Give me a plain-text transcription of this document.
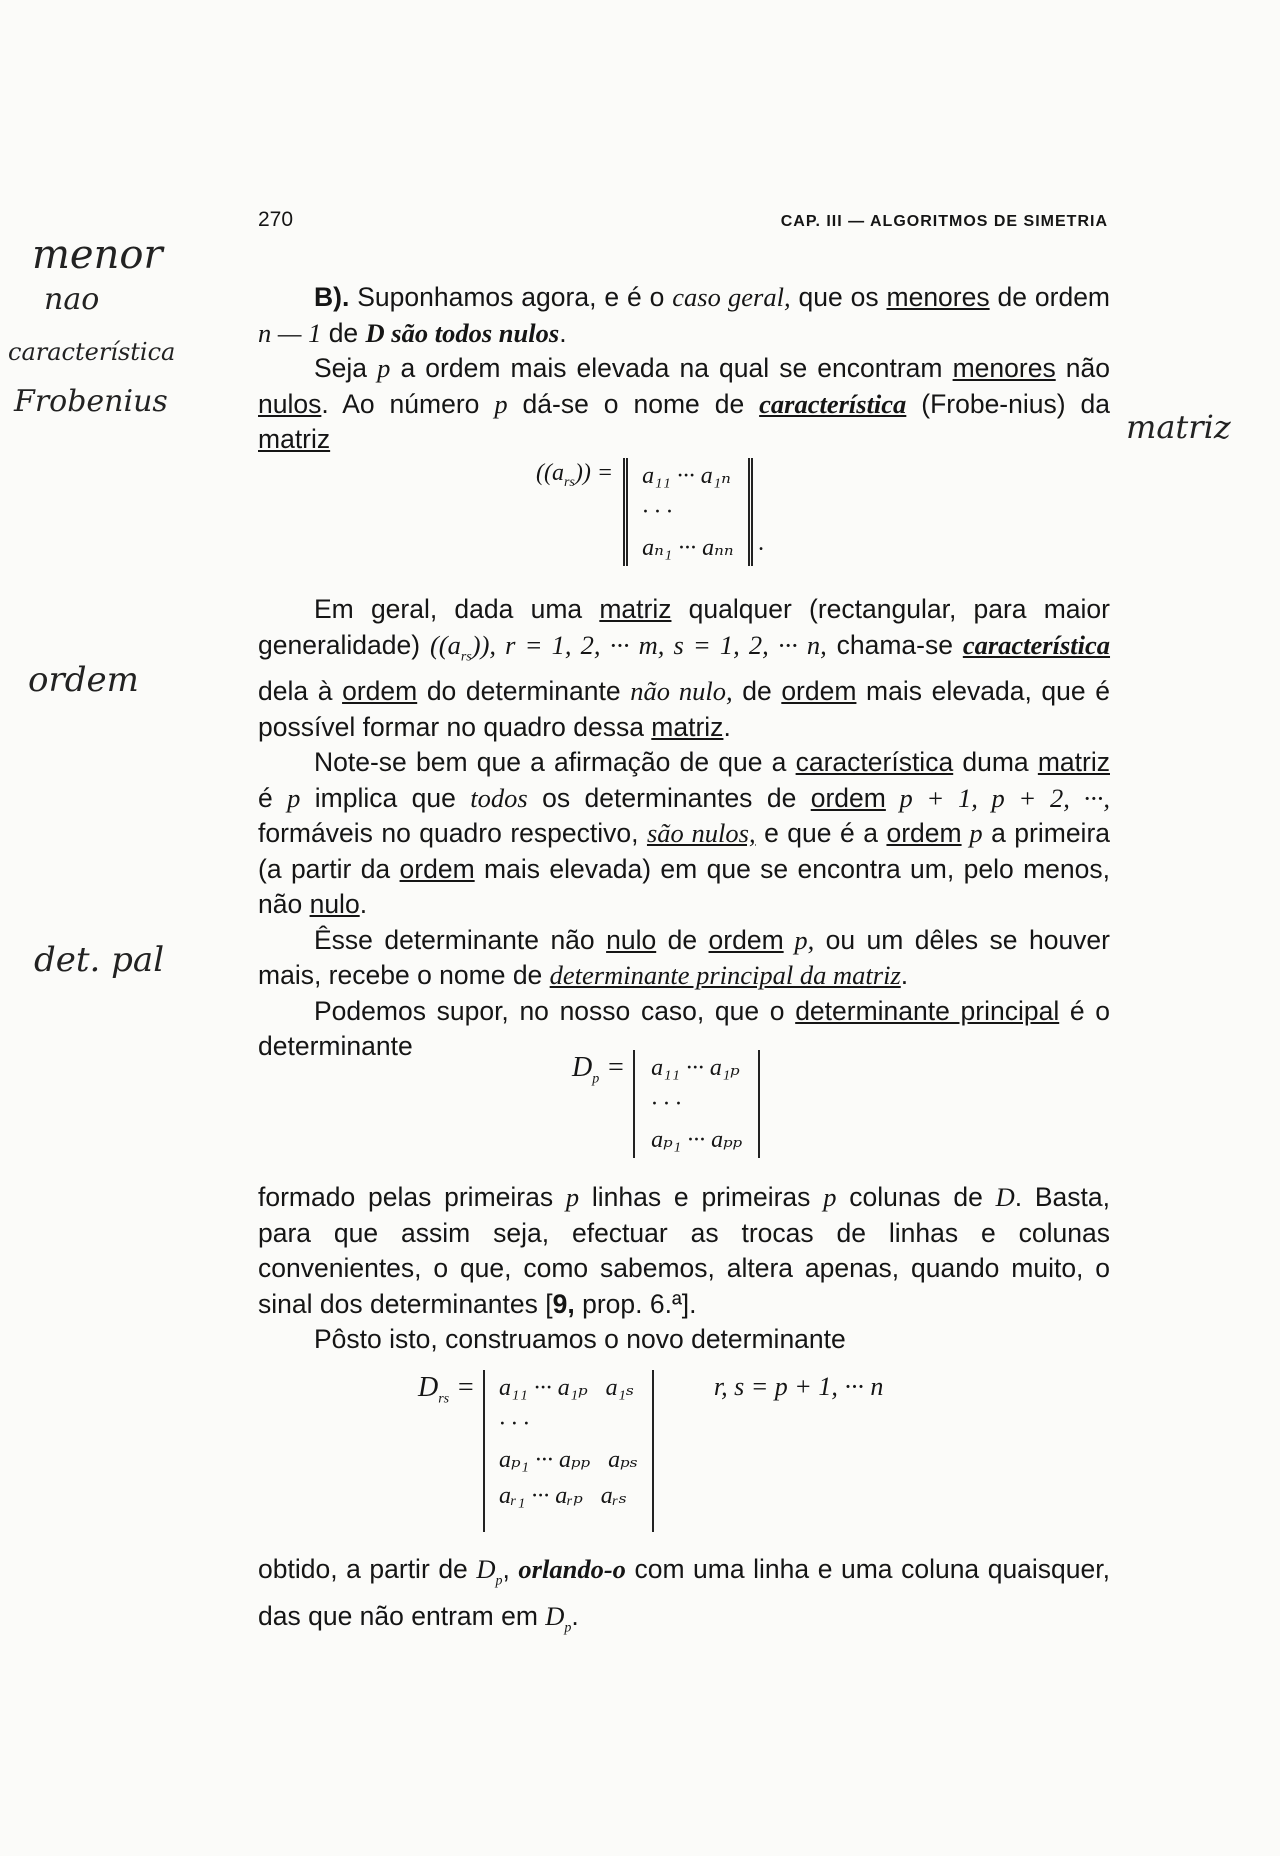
270	CAP. III — ALGORITMOS DE SIMETRIA
menor
nao
característica
Frobenius
matriz
ordem
det. pal

B). Suponhamos agora, e é o caso geral, que os menores de ordem n — 1 de D são todos nulos.

Seja p a ordem mais elevada na qual se encontram menores não nulos. Ao número p dá-se o nome de característica (Frobe-nius) da matriz

$((a_{rs})) = a_{11}$ ··· a₁ₙ
· · ·
aₙ₁ ··· aₙₙ .

Em geral, dada uma matriz qualquer (rectangular, para maior generalidade) $((a_{rs}))$, r = 1, 2, ··· m, s = 1, 2, ··· n, chama-se característica dela à ordem do determinante não nulo, de ordem mais elevada, que é possível formar no quadro dessa matriz.

Note-se bem que a afirmação de que a característica duma matriz é p implica que todos os determinantes de ordem p + 1, p + 2, ···, formáveis no quadro respectivo, são nulos, e que é a ordem p a primeira (a partir da ordem mais elevada) em que se encontra um, pelo menos, não nulo.

Êsse determinante não nulo de ordem p, ou um dêles se houver mais, recebe o nome de determinante principal da matriz.

Podemos supor, no nosso caso, que o determinante principal é o determinante

$D_p = a_{11}$ ··· a₁ₚ
· · ·
aₚ₁ ··· aₚₚ

formado pelas primeiras p linhas e primeiras p colunas de D. Basta, para que assim seja, efectuar as trocas de linhas e colunas convenientes, o que, como sabemos, altera apenas, quando muito, o sinal dos determinantes [9, prop. 6.ª].

Pôsto isto, construamos o novo determinante

$D_{rs} = a_{11}$ ··· a₁ₚ   a₁ₛ
· · ·
aₚ₁ ··· aₚₚ   aₚₛ
aᵣ₁ ··· aᵣₚ   aᵣₛ
r, s = p + 1, ··· n

obtido, a partir de $D_p$, orlando-o com uma linha e uma coluna quaisquer, das que não entram em $D_p$.
